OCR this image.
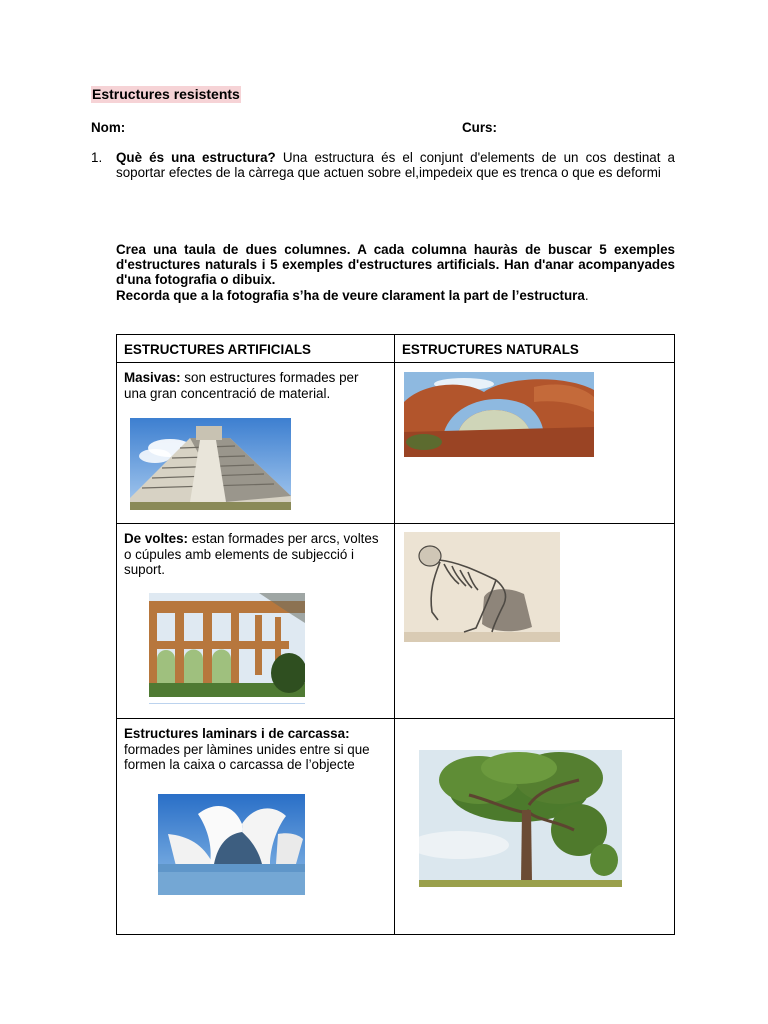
Estructures resistents
Nom:	Curs:
1. Què és una estructura? Una estructura és el conjunt d'elements de un cos destinat a soportar efectes de la càrrega que actuen sobre el,impedeix que es trenca o que es deformi

Crea una taula de dues columnes. A cada columna hauràs de buscar 5 exemples d'estructures naturals i 5 exemples d'estructures artificials. Han d'anar acompanyades d'una fotografia o dibuix.

Recorda que a la fotografia s’ha de veure clarament la part de l’estructura.

ESTRUCTURES ARTIFICIALS	ESTRUCTURES NATURALS

Masivas: son estructures formades per una gran concentració de material.

De voltes: estan formades per arcs, voltes o cúpules amb elements de subjecció i suport.

Estructures laminars i de carcassa: formades per làmines unides entre si que formen la caixa o carcassa de l’objecte
